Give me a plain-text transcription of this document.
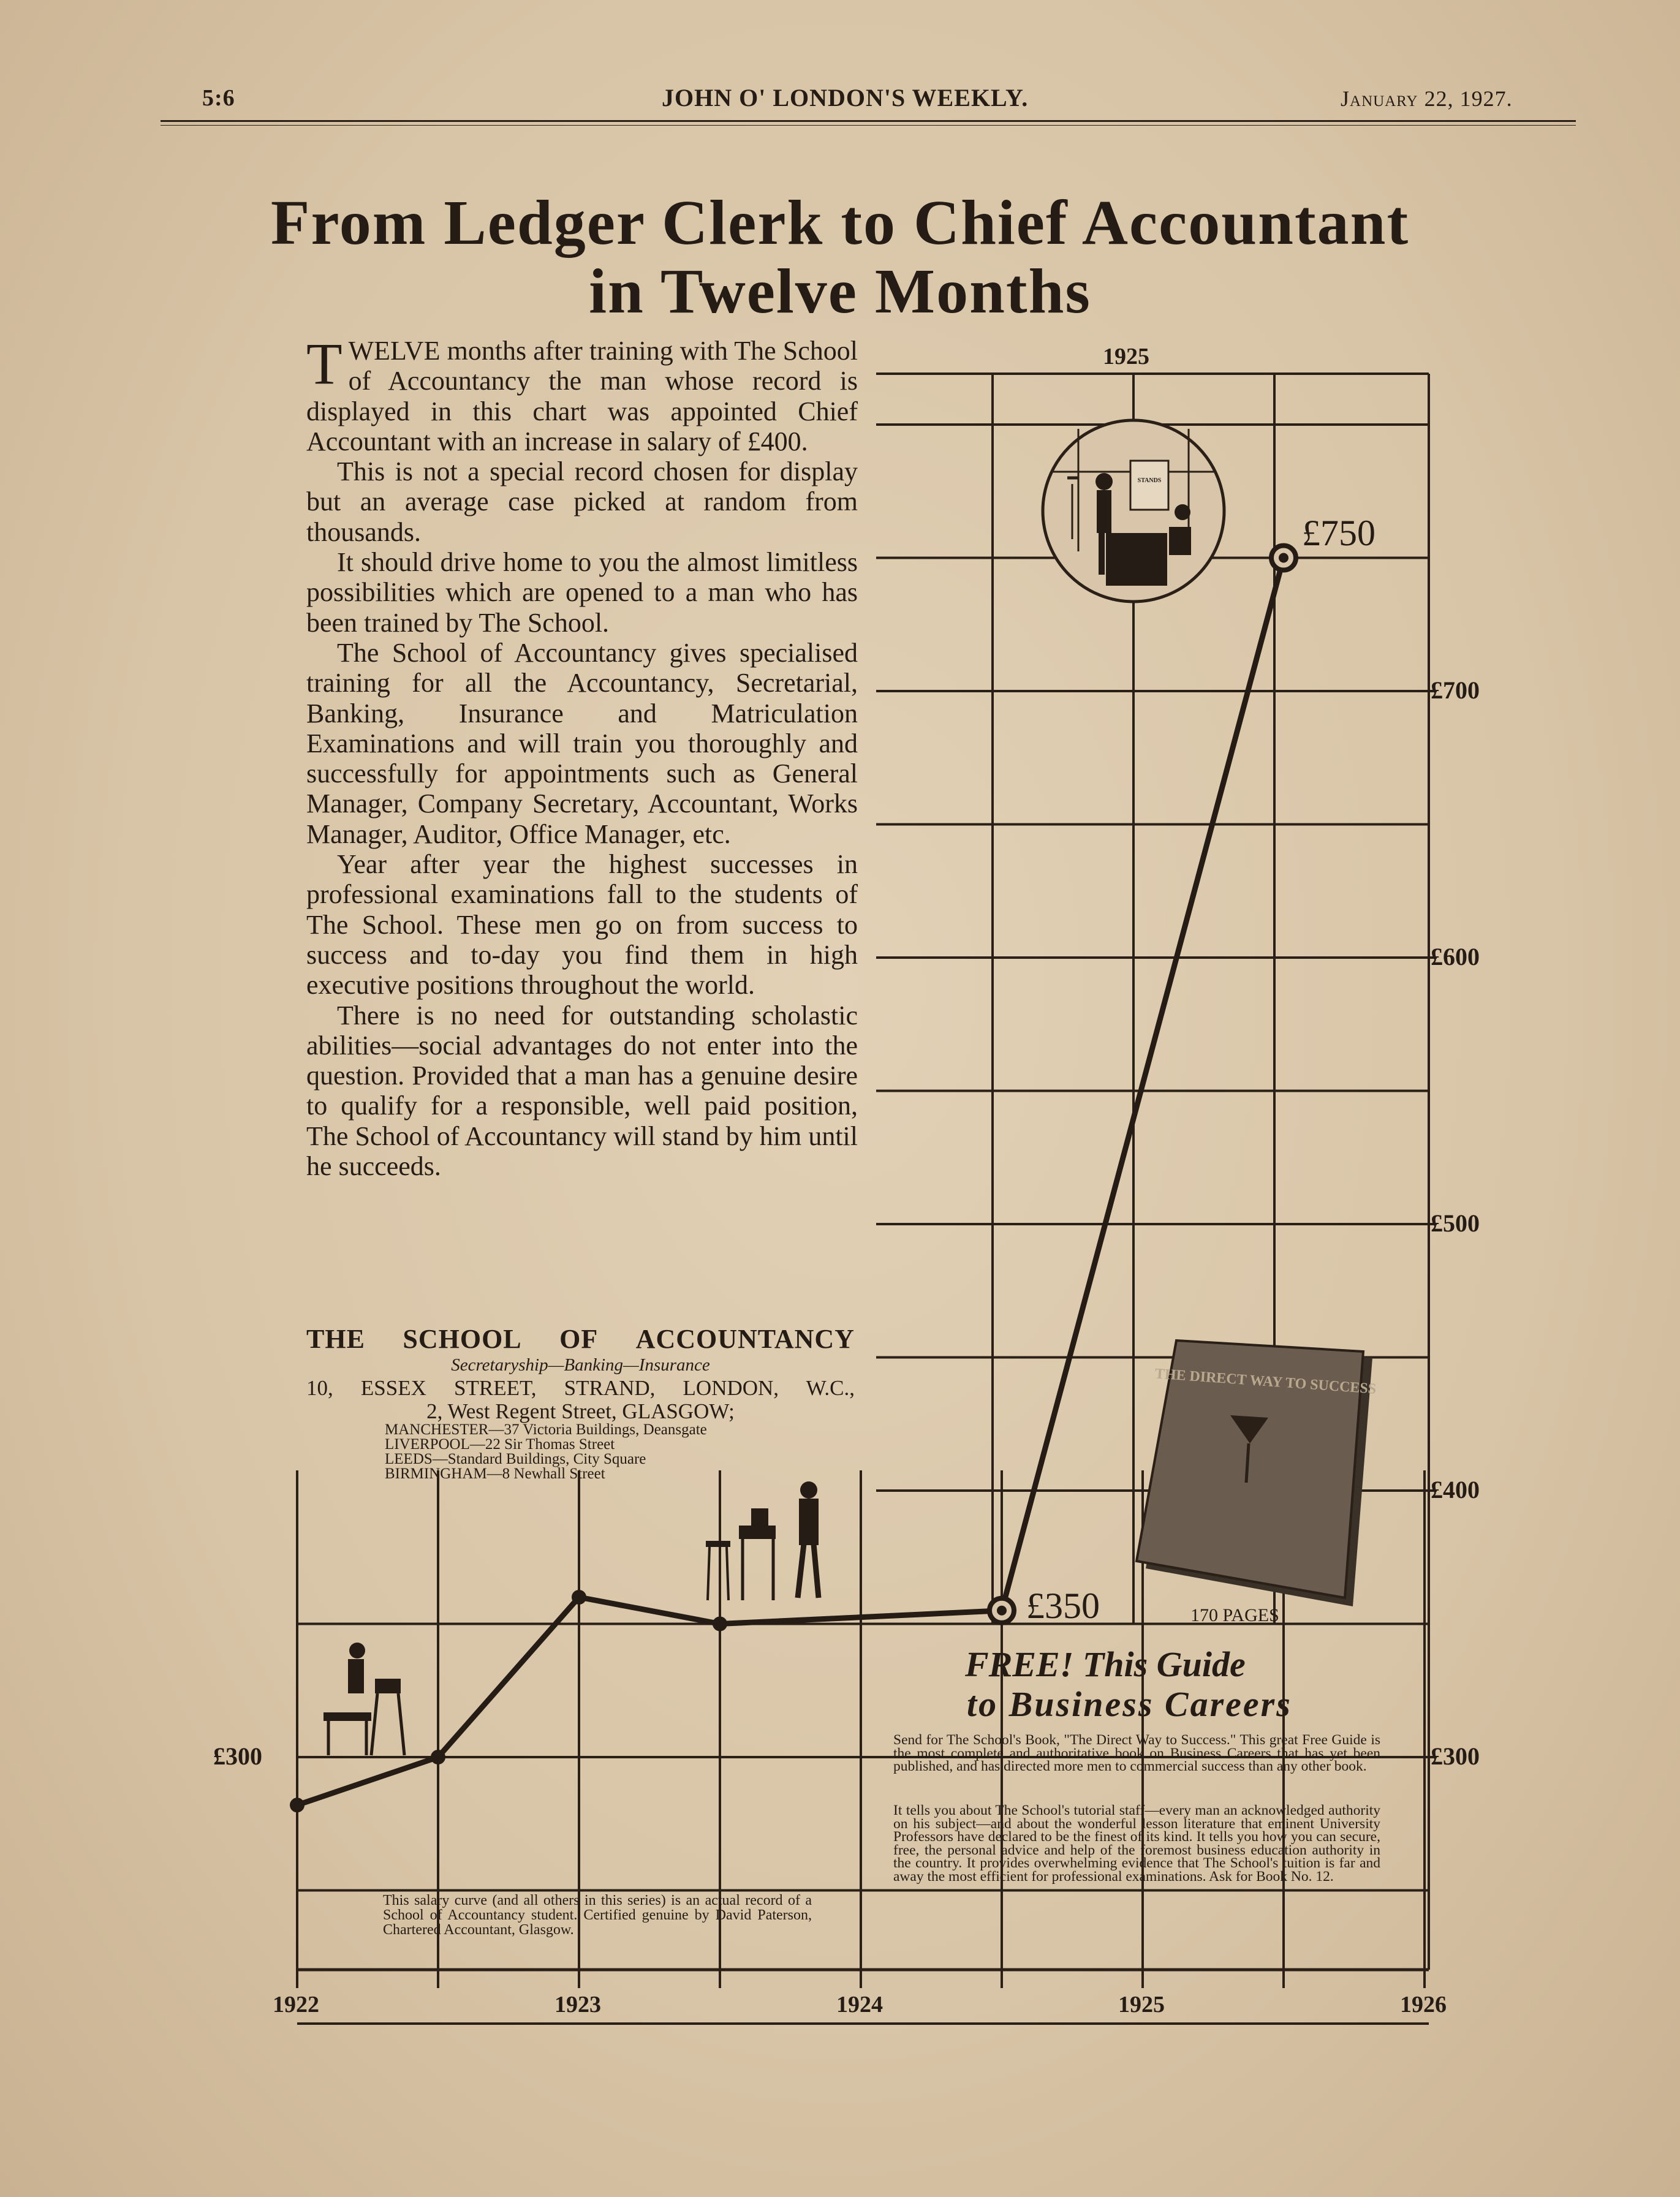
5:6	JOHN O' LONDON'S WEEKLY.	January 22, 1927.
From Ledger Clerk to Chief Accountant
in Twelve Months

TWELVE months after training with The School of Accountancy the man whose record is displayed in this chart was appointed Chief Accountant with an increase in salary of £400.

This is not a special record chosen for display but an average case picked at random from thousands.

It should drive home to you the almost limitless possibilities which are opened to a man who has been trained by The School.

The School of Accountancy gives specialised training for all the Accountancy, Secretarial, Banking, Insurance and Matriculation Examinations and will train you thoroughly and successfully for appointments such as General Manager, Company Secretary, Accountant, Works Manager, Auditor, Office Manager, etc.

Year after year the highest successes in professional examinations fall to the students of The School. These men go on from success to success and to-day you find them in high executive positions throughout the world.

There is no need for outstanding scholastic abilities—social advantages do not enter into the question. Provided that a man has a genuine desire to qualify for a responsible, well paid position, The School of Accountancy will stand by him until he succeeds.

THE SCHOOL OF ACCOUNTANCY
Secretaryship—Banking—Insurance
10, ESSEX STREET, STRAND, LONDON, W.C.,
2, West Regent Street, GLASGOW;
MANCHESTER—37 Victoria Buildings, Deansgate
LIVERPOOL—22 Sir Thomas Street
LEEDS—Standard Buildings, City Square
BIRMINGHAM—8 Newhall Street
STANDS
THE DIRECT WAY TO SUCCESS
1925
1922	1923	1924	1925	1926
£300
£400
£500
£600
£700
£300
£350
£750
This salary curve (and all others in this series) is an actual record of a School of Accountancy student. Certified genuine by David Paterson, Chartered Accountant, Glasgow.
170 PAGES
FREE! This Guide
to Business Careers
Send for The School's Book, "The Direct Way to Success." This great Free Guide is the most complete and authoritative book on Business Careers that has yet been published, and has directed more men to commercial success than any other book.
It tells you about The School's tutorial staff—every man an acknowledged authority on his subject—and about the wonderful lesson literature that eminent University Professors have declared to be the finest of its kind. It tells you how you can secure, free, the personal advice and help of the foremost business education authority in the country. It provides overwhelming evidence that The School's tuition is far and away the most efficient for professional examinations. Ask for Book No. 12.
